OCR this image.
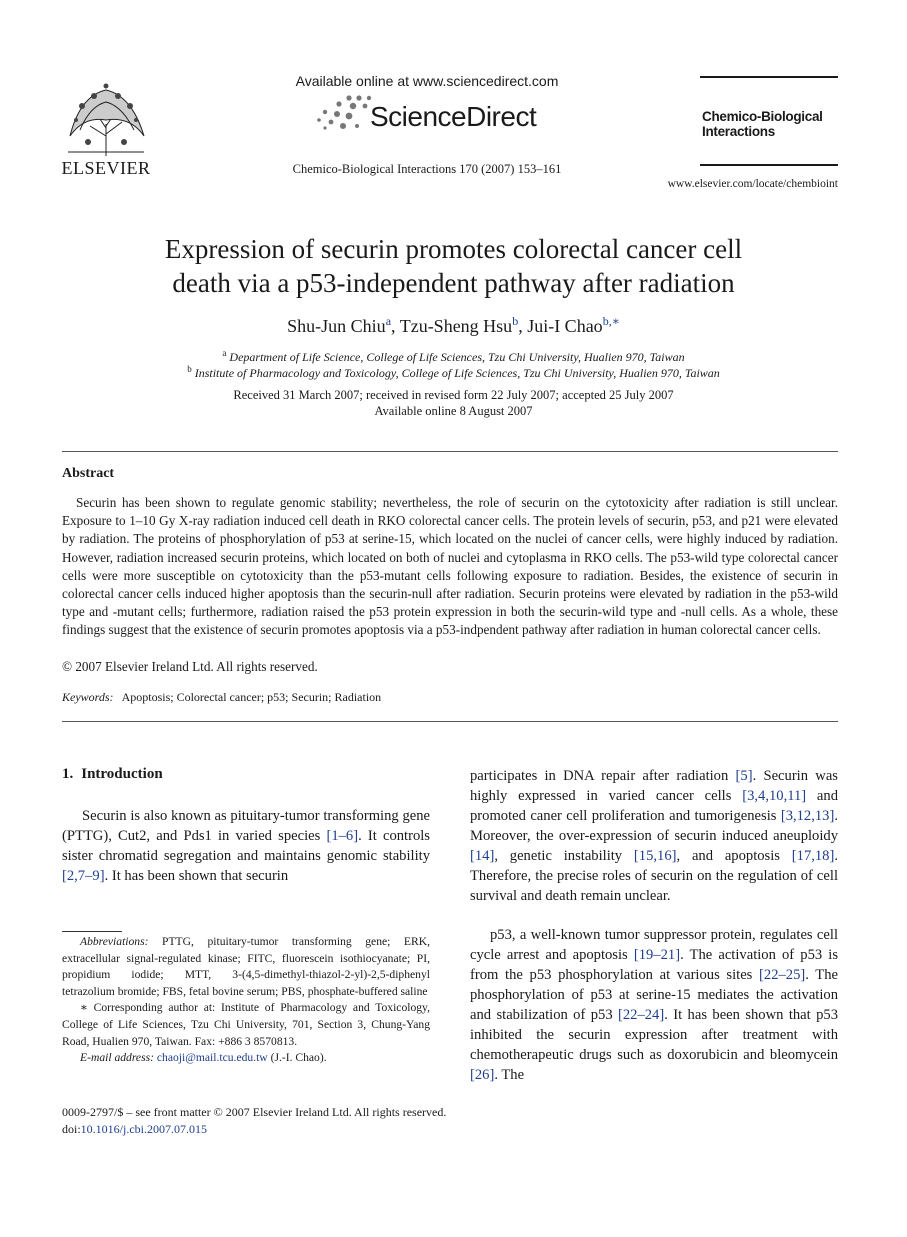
ELSEVIER
Available online at www.sciencedirect.com
ScienceDirect
Chemico-Biological Interactions 170 (2007) 153–161
Chemico-Biological
Interactions
www.elsevier.com/locate/chembioint
Expression of securin promotes colorectal cancer cell
death via a p53-independent pathway after radiation
Shu-Jun Chiu$^a$, Tzu-Sheng Hsu$^b$, Jui-I Chao$^{b,∗}$
$^a$ Department of Life Science, College of Life Sciences, Tzu Chi University, Hualien 970, Taiwan
$^b$ Institute of Pharmacology and Toxicology, College of Life Sciences, Tzu Chi University, Hualien 970, Taiwan
Received 31 March 2007; received in revised form 22 July 2007; accepted 25 July 2007
Available online 8 August 2007
Abstract
Securin has been shown to regulate genomic stability; nevertheless, the role of securin on the cytotoxicity after radiation is still unclear. Exposure to 1–10 Gy X-ray radiation induced cell death in RKO colorectal cancer cells. The protein levels of securin, p53, and p21 were elevated by radiation. The proteins of phosphorylation of p53 at serine-15, which located on the nuclei of cancer cells, were highly induced by radiation. However, radiation increased securin proteins, which located on both of nuclei and cytoplasma in RKO cells. The p53-wild type colorectal cancer cells were more susceptible on cytotoxicity than the p53-mutant cells following exposure to radiation. Besides, the existence of securin in colorectal cancer cells induced higher apoptosis than the securin-null after radiation. Securin proteins were elevated by radiation in the p53-wild type and -mutant cells; furthermore, radiation raised the p53 protein expression in both the securin-wild type and -null cells. As a whole, these findings suggest that the existence of securin promotes apoptosis via a p53-indpendent pathway after radiation in human colorectal cancer cells.
© 2007 Elsevier Ireland Ltd. All rights reserved.
Keywords: Apoptosis; Colorectal cancer; p53; Securin; Radiation
1. Introduction
Securin is also known as pituitary-tumor transforming gene (PTTG), Cut2, and Pds1 in varied species [1–6]. It controls sister chromatid segregation and maintains genomic stability [2,7–9]. It has been shown that securin
participates in DNA repair after radiation [5]. Securin was highly expressed in varied cancer cells [3,4,10,11] and promoted caner cell proliferation and tumorigenesis [3,12,13]. Moreover, the over-expression of securin induced aneuploidy [14], genetic instability [15,16], and apoptosis [17,18]. Therefore, the precise roles of securin on the regulation of cell survival and death remain unclear.
p53, a well-known tumor suppressor protein, regulates cell cycle arrest and apoptosis [19–21]. The activation of p53 is from the p53 phosphorylation at various sites [22–25]. The phosphorylation of p53 at serine-15 mediates the activation and stabilization of p53 [22–24]. It has been shown that p53 inhibited the securin expression after treatment with chemotherapeutic drugs such as doxorubicin and bleomycein [26]. The

Abbreviations: PTTG, pituitary-tumor transforming gene; ERK, extracellular signal-regulated kinase; FITC, fluorescein isothiocyanate; PI, propidium iodide; MTT, 3-(4,5-dimethyl-thiazol-2-yl)-2,5-diphenyl tetrazolium bromide; FBS, fetal bovine serum; PBS, phosphate-buffered saline

∗ Corresponding author at: Institute of Pharmacology and Toxicology, College of Life Sciences, Tzu Chi University, 701, Section 3, Chung-Yang Road, Hualien 970, Taiwan. Fax: +886 3 8570813.

E-mail address: chaoji@mail.tcu.edu.tw (J.-I. Chao).

0009-2797/$ – see front matter © 2007 Elsevier Ireland Ltd. All rights reserved.
doi:10.1016/j.cbi.2007.07.015
